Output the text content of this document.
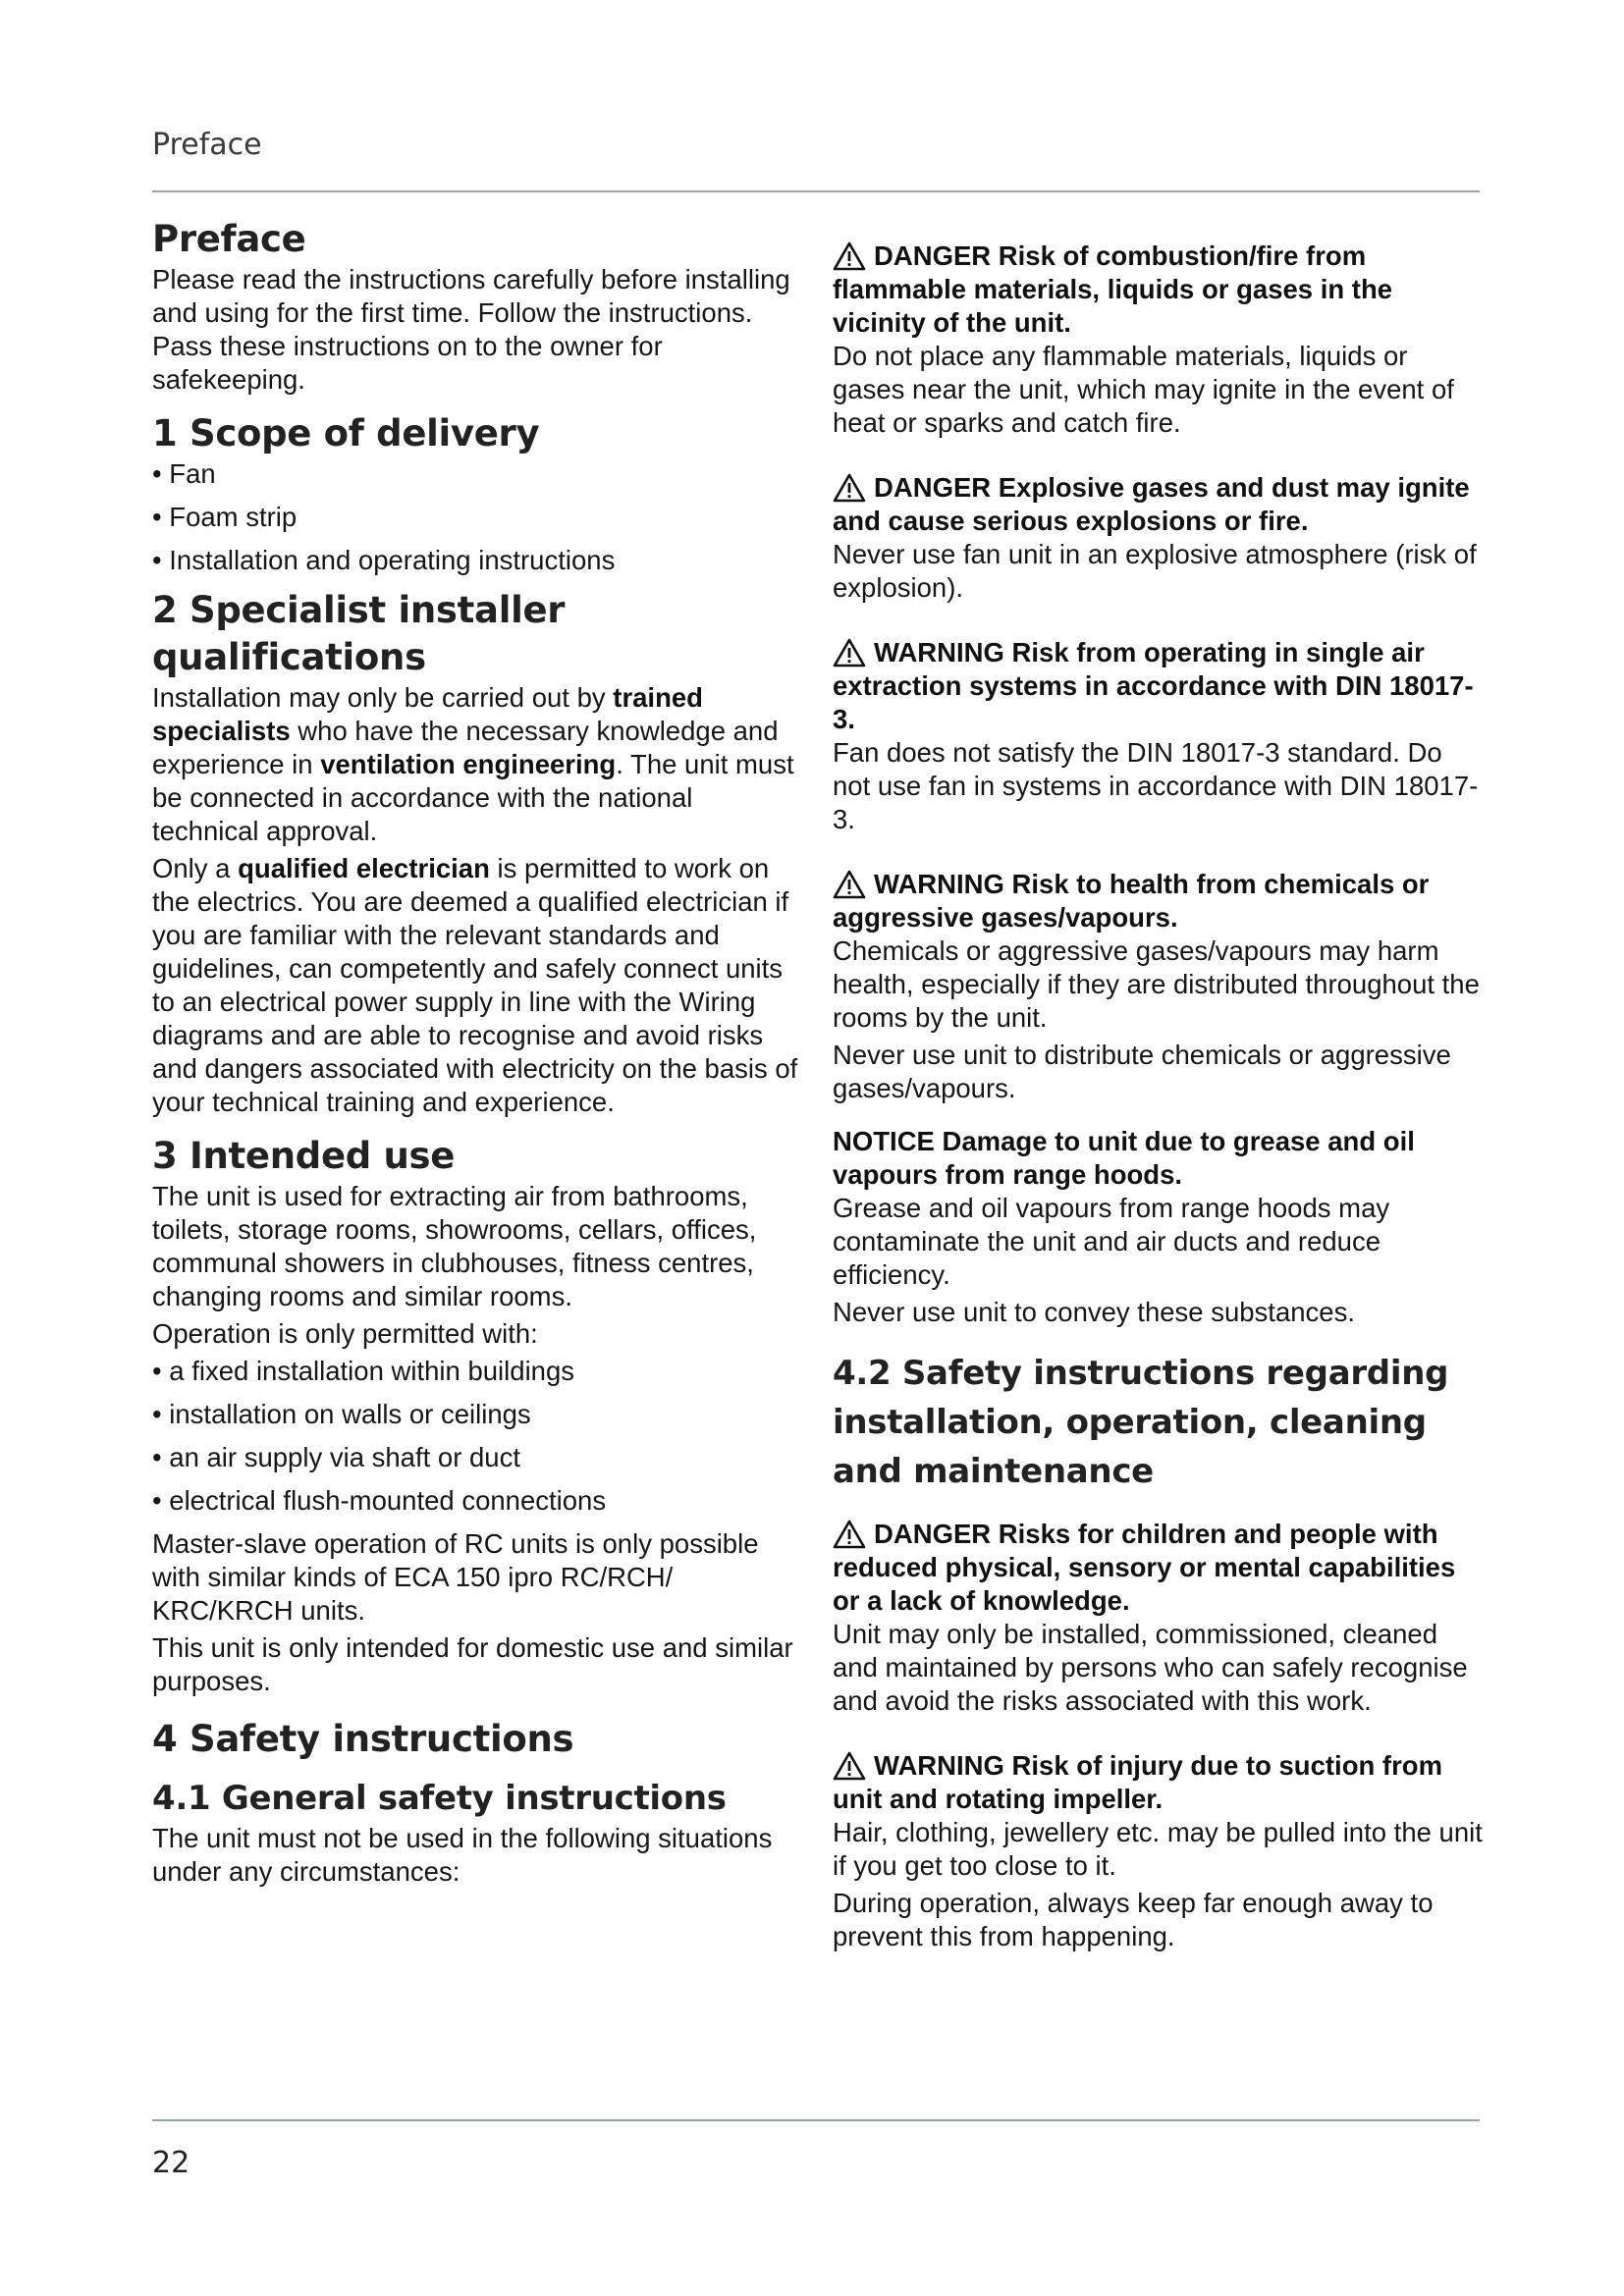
Preface
Preface

Please read the instructions carefully before installing and using for the first time. Follow the instructions. Pass these instructions on to the owner for safekeeping.

1 Scope of delivery
• Fan
• Foam strip
• Installation and operating instructions
2 Specialist installer qualifications

Installation may only be carried out by trained specialists who have the necessary knowledge and experience in ventilation engineering. The unit must be connected in accordance with the national technical approval.

Only a qualified electrician is permitted to work on the electrics. You are deemed a qualified electrician if you are familiar with the relevant standards and guidelines, can competently and safely connect units to an electrical power supply in line with the Wiring diagrams and are able to recognise and avoid risks and dangers associated with electricity on the basis of your technical training and experience.

3 Intended use

The unit is used for extracting air from bathrooms, toilets, storage rooms, showrooms, cellars, offices, communal showers in clubhouses, fitness centres, changing rooms and similar rooms.

Operation is only permitted with:

• a fixed installation within buildings
• installation on walls or ceilings
• an air supply via shaft or duct
• electrical flush-mounted connections

Master-slave operation of RC units is only possible with similar kinds of ECA 150 ipro RC/RCH/ KRC/KRCH units.

This unit is only intended for domestic use and similar purposes.

4 Safety instructions
4.1 General safety instructions

The unit must not be used in the following situations under any circumstances:

DANGER Risk of combustion/fire from flammable materials, liquids or gases in the vicinity of the unit.

Do not place any flammable materials, liquids or gases near the unit, which may ignite in the event of heat or sparks and catch fire.

DANGER Explosive gases and dust may ignite and cause serious explosions or fire.

Never use fan unit in an explosive atmosphere (risk of explosion).

WARNING Risk from operating in single air extraction systems in accordance with DIN 18017-3.

Fan does not satisfy the DIN 18017-3 standard. Do not use fan in systems in accordance with DIN 18017-3.

WARNING Risk to health from chemicals or aggressive gases/vapours.

Chemicals or aggressive gases/vapours may harm health, especially if they are distributed throughout the rooms by the unit.

Never use unit to distribute chemicals or aggressive gases/vapours.

NOTICE Damage to unit due to grease and oil vapours from range hoods.

Grease and oil vapours from range hoods may contaminate the unit and air ducts and reduce efficiency.

Never use unit to convey these substances.

4.2 Safety instructions regarding installation, operation, cleaning and maintenance

DANGER Risks for children and people with reduced physical, sensory or mental capabilities or a lack of knowledge.

Unit may only be installed, commissioned, cleaned and maintained by persons who can safely recognise and avoid the risks associated with this work.

WARNING Risk of injury due to suction from unit and rotating impeller.

Hair, clothing, jewellery etc. may be pulled into the unit if you get too close to it.

During operation, always keep far enough away to prevent this from happening.

22
